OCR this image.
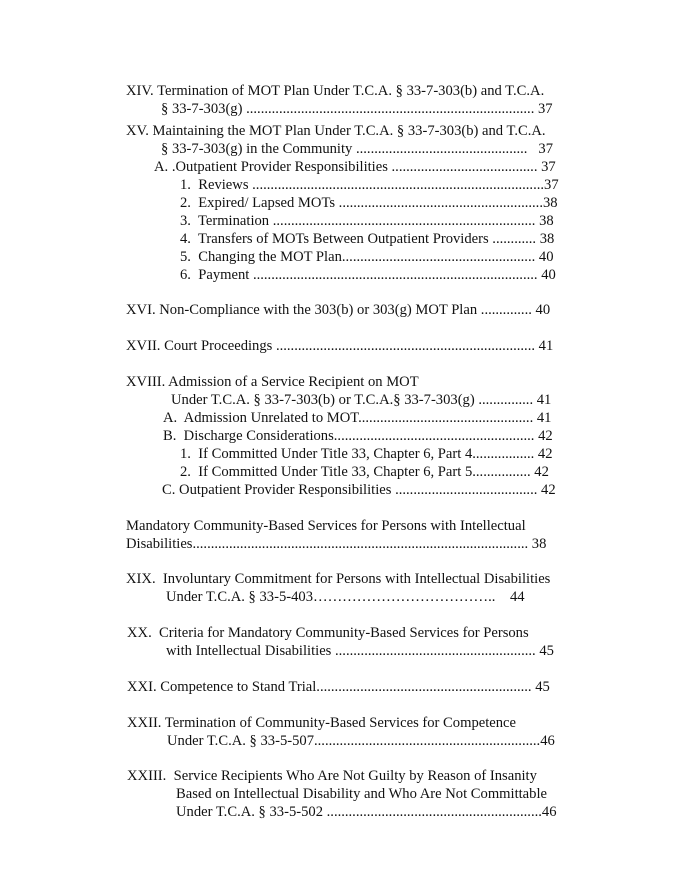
XIV. Termination of MOT Plan Under T.C.A. § 33-7-303(b) and T.C.A.
§ 33-7-303(g) ............................................................................... 37
XV. Maintaining the MOT Plan Under T.C.A. § 33-7-303(b) and T.C.A.
§ 33-7-303(g) in the Community ...............................................   37
A. .Outpatient Provider Responsibilities ........................................ 37
1.  Reviews ................................................................................37
2.  Expired/ Lapsed MOTs ........................................................38
3.  Termination ........................................................................ 38
4.  Transfers of MOTs Between Outpatient Providers ............ 38
5.  Changing the MOT Plan..................................................... 40
6.  Payment .............................................................................. 40
XVI. Non-Compliance with the 303(b) or 303(g) MOT Plan .............. 40
XVII. Court Proceedings ....................................................................... 41
XVIII. Admission of a Service Recipient on MOT
Under T.C.A. § 33-7-303(b) or T.C.A.§ 33-7-303(g) ............... 41
A.  Admission Unrelated to MOT................................................ 41
B.  Discharge Considerations....................................................... 42
1.  If Committed Under Title 33, Chapter 6, Part 4................. 42
2.  If Committed Under Title 33, Chapter 6, Part 5................ 42
C. Outpatient Provider Responsibilities ....................................... 42
Mandatory Community-Based Services for Persons with Intellectual
Disabilities............................................................................................ 38
XIX.  Involuntary Commitment for Persons with Intellectual Disabilities
Under T.C.A. § 33-5-403………………………………..    44
XX.  Criteria for Mandatory Community-Based Services for Persons
with Intellectual Disabilities ....................................................... 45
XXI. Competence to Stand Trial........................................................... 45
XXII. Termination of Community-Based Services for Competence
Under T.C.A. § 33-5-507..............................................................46
XXIII.  Service Recipients Who Are Not Guilty by Reason of Insanity
Based on Intellectual Disability and Who Are Not Committable
Under T.C.A. § 33-5-502 ...........................................................46
